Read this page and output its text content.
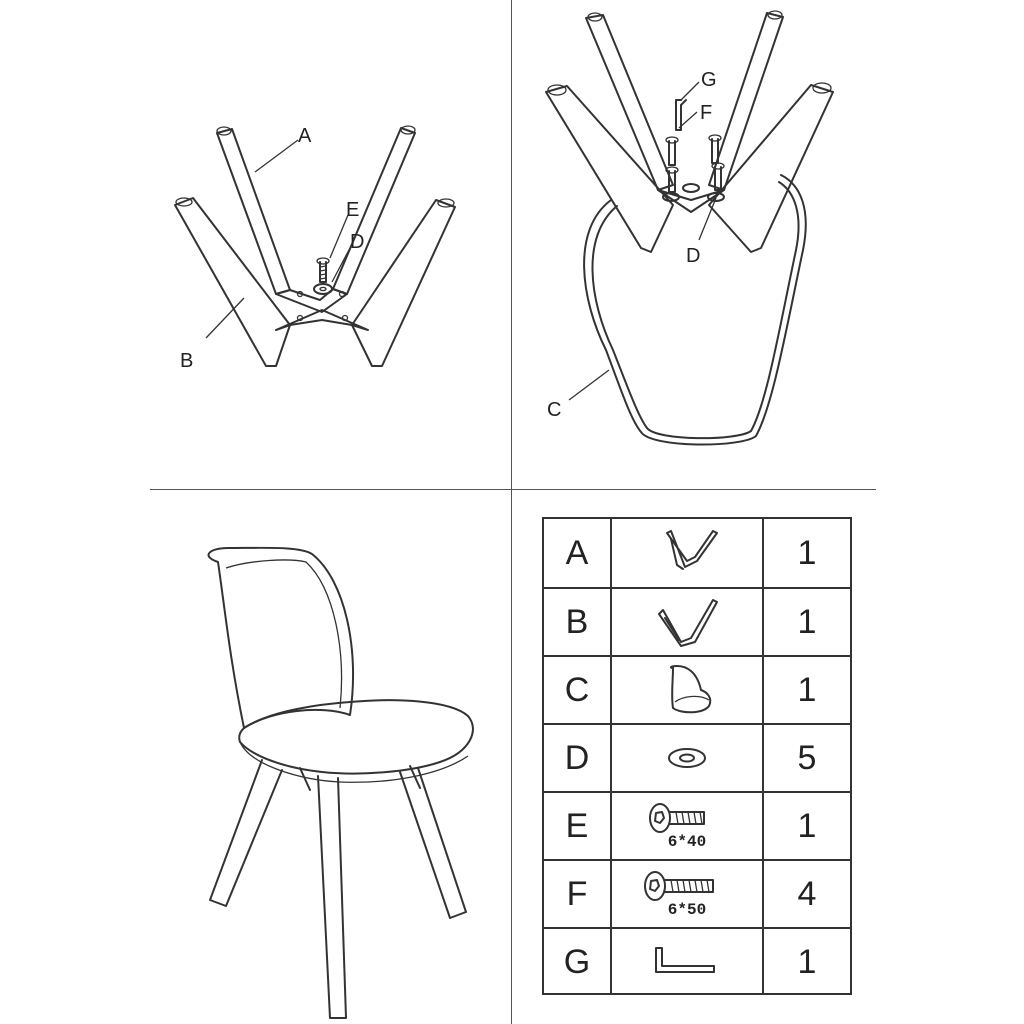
A
B
E
D
G
F
D
C
A	1
B	1
C	1
D	5
E	6*40	1
F	6*50	4
G	1
